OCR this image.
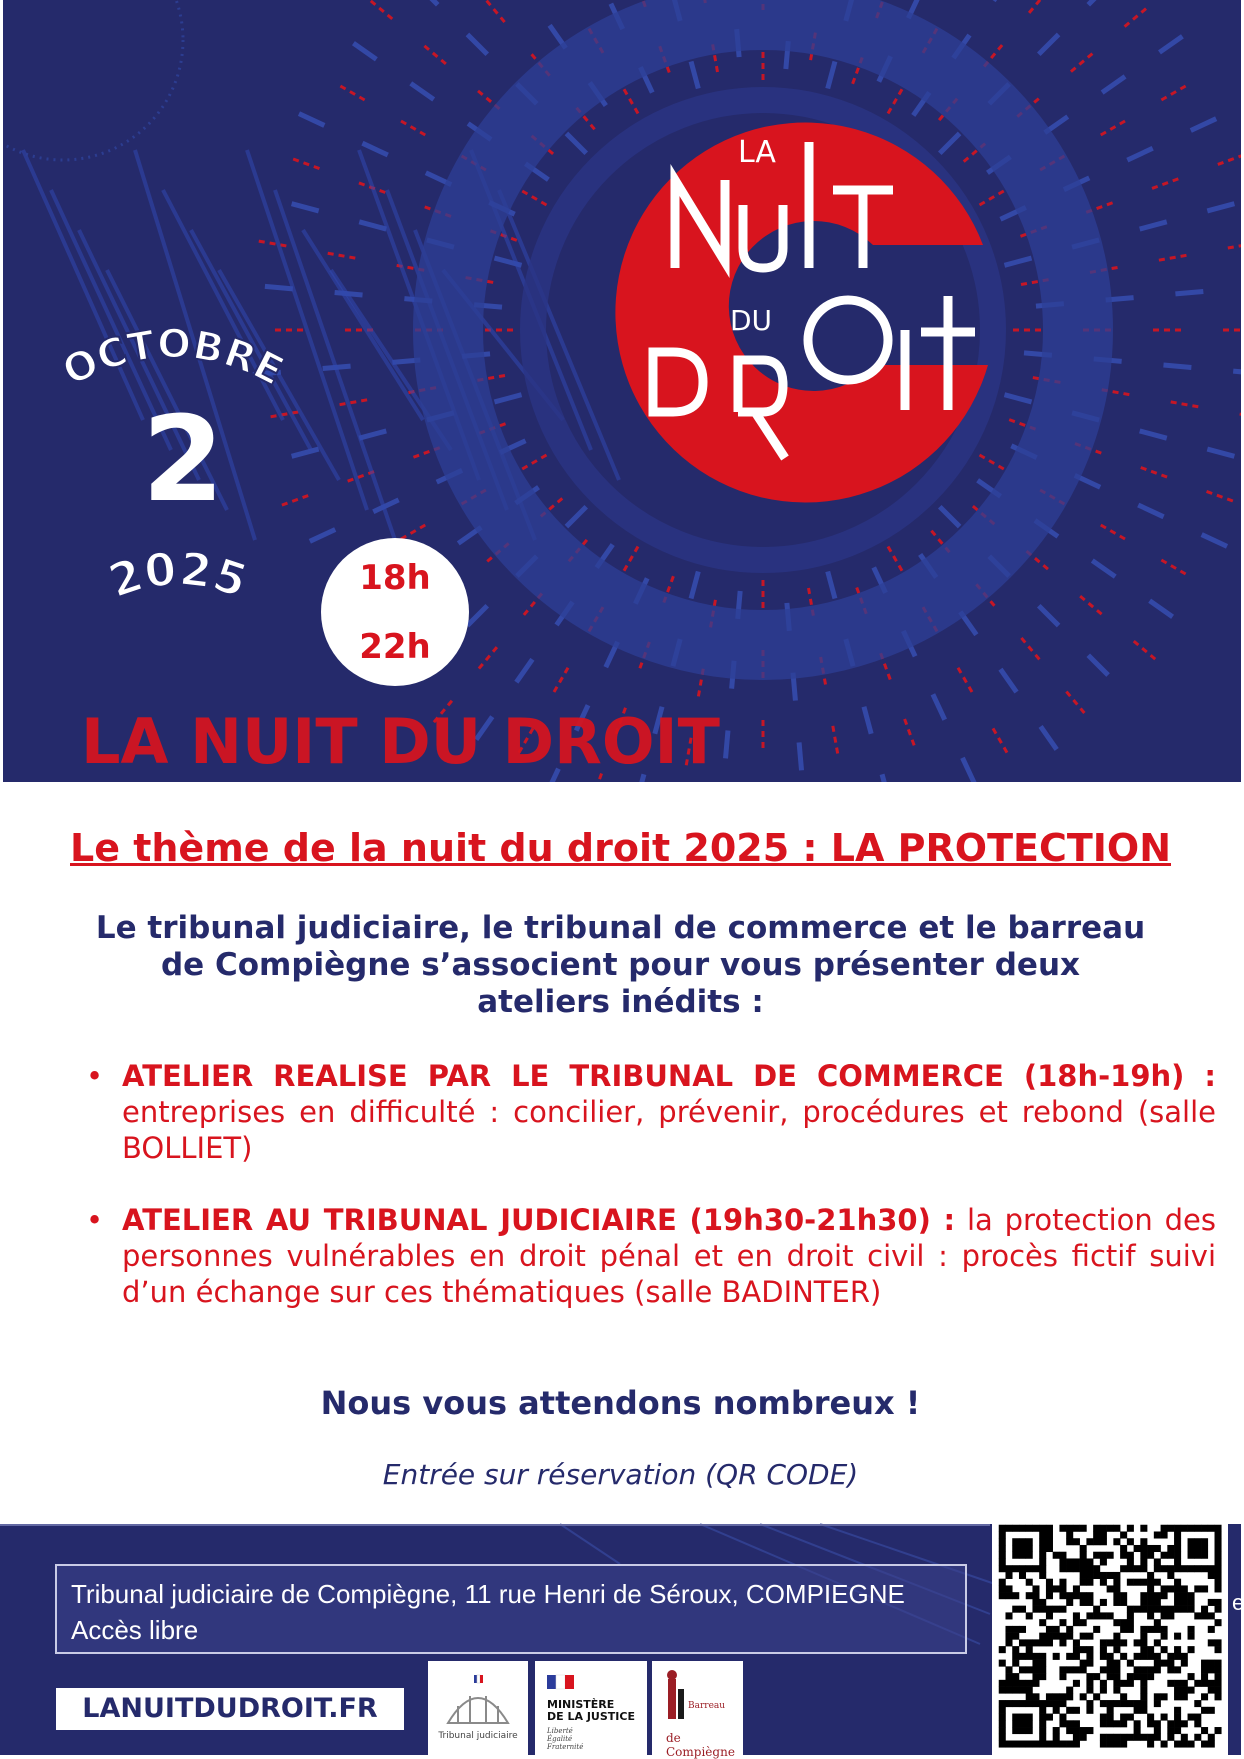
LA
DU
OCTOBRE
2025
2
18h
22h
LA NUIT DU DROIT
Le thème de la nuit du droit 2025 : LA PROTECTION
Le tribunal judiciaire, le tribunal de commerce et le barreau
de Compiègne s’associent pour vous présenter deux
ateliers inédits :
• ATELIER REALISE PAR LE TRIBUNAL DE COMMERCE (18h-19h) : entreprises en difficulté : concilier, prévenir, procédures et rebond (salle BOLLIET)
• ATELIER AU TRIBUNAL JUDICIAIRE (19h30-21h30) : la protection des personnes vulnérables en droit pénal et en droit civil : procès fictif suivi d’un échange sur ces thématiques (salle BADINTER)
Nous vous attendons nombreux !
Entrée sur réservation (QR CODE)
Tribunal judiciaire de Compiègne, 11 rue Henri de Séroux, COMPIEGNE
Accès libre
LANUITDUDROIT.FR
Tribunal judiciaire
MINISTÈRE
DE LA JUSTICE
Liberté
Égalité
Fraternité
Barreau
de Compiègne
e
